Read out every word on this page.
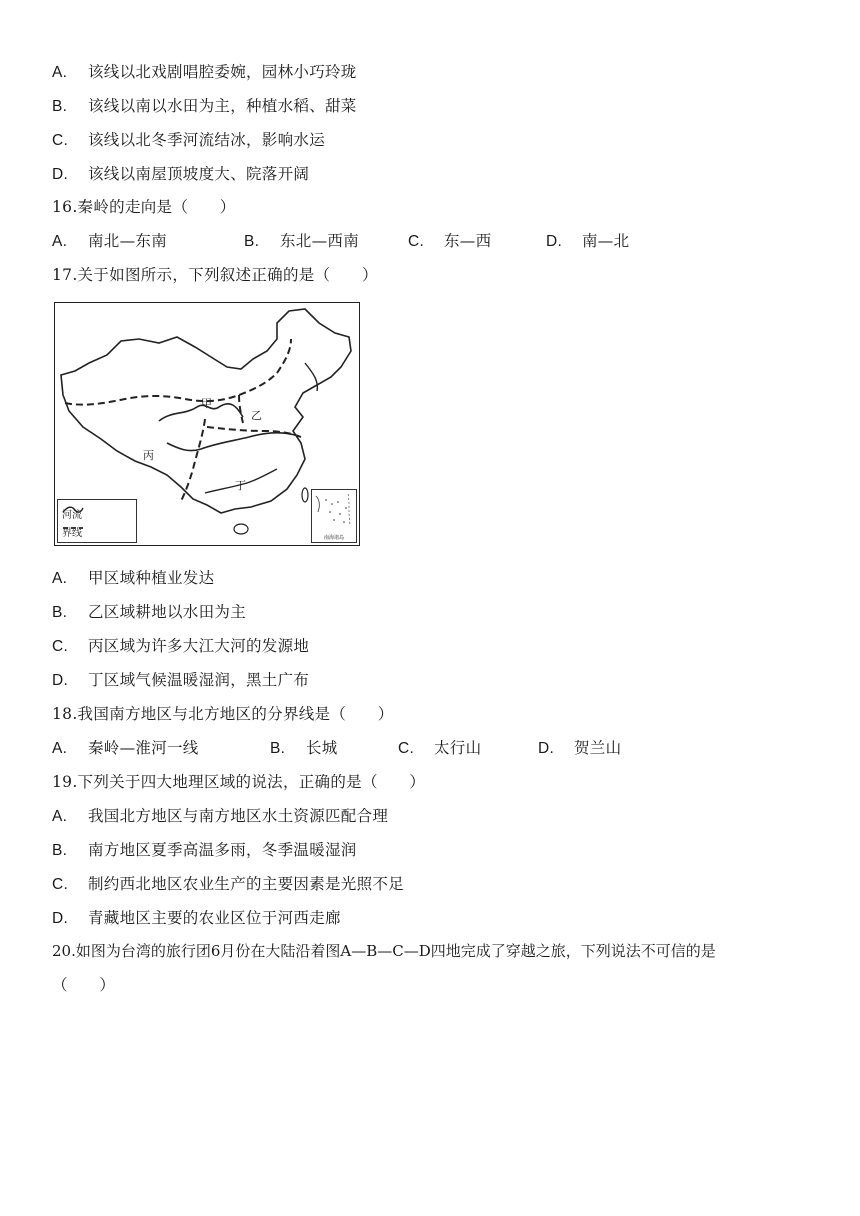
A. 该线以北戏剧唱腔委婉，园林小巧玲珑
B. 该线以南以水田为主，种植水稻、甜菜
C. 该线以北冬季河流结冰，影响水运
D. 该线以南屋顶坡度大、院落开阔
16.秦岭的走向是（　　）
A. 南北—东南	B. 东北—西南	C. 东—西	D. 南—北
17.关于如图所示，下列叙述正确的是（　　）
甲
乙
丙
丁
河流
界线	南海诸岛
A. 甲区域种植业发达
B. 乙区域耕地以水田为主
C. 丙区域为许多大江大河的发源地
D. 丁区域气候温暖湿润，黑土广布
18.我国南方地区与北方地区的分界线是（　　）
A. 秦岭—淮河一线	B. 长城	C. 太行山	D. 贺兰山
19.下列关于四大地理区域的说法，正确的是（　　）
A. 我国北方地区与南方地区水土资源匹配合理
B. 南方地区夏季高温多雨，冬季温暖湿润
C. 制约西北地区农业生产的主要因素是光照不足
D. 青藏地区主要的农业区位于河西走廊
20.如图为台湾的旅行团6月份在大陆沿着图A—B—C—D四地完成了穿越之旅，下列说法不可信的是
（　　）
